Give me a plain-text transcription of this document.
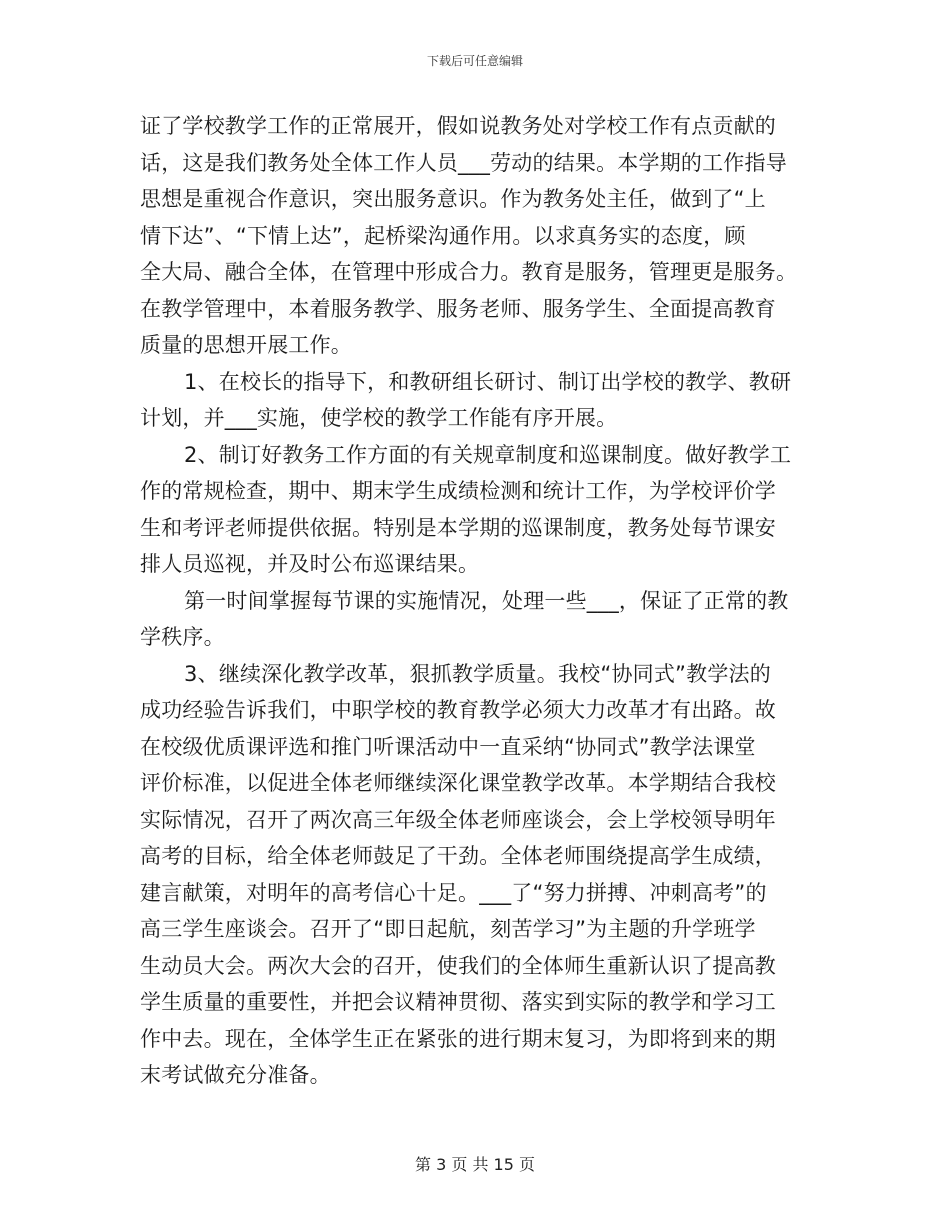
下载后可任意编辑
证了学校教学工作的正常展开，假如说教务处对学校工作有点贡献的
话，这是我们教务处全体工作人员___劳动的结果。本学期的工作指导
思想是重视合作意识，突出服务意识。作为教务处主任，做到了“上
情下达”、“下情上达”，起桥梁沟通作用。以求真务实的态度，顾
全大局、融合全体，在管理中形成合力。教育是服务，管理更是服务。
在教学管理中，本着服务教学、服务老师、服务学生、全面提高教育
质量的思想开展工作。
1、在校长的指导下，和教研组长研讨、制订出学校的教学、教研
计划，并___实施，使学校的教学工作能有序开展。
2、制订好教务工作方面的有关规章制度和巡课制度。做好教学工
作的常规检查，期中、期末学生成绩检测和统计工作，为学校评价学
生和考评老师提供依据。特别是本学期的巡课制度，教务处每节课安
排人员巡视，并及时公布巡课结果。
第一时间掌握每节课的实施情况，处理一些___，保证了正常的教
学秩序。
3、继续深化教学改革，狠抓教学质量。我校“协同式”教学法的
成功经验告诉我们，中职学校的教育教学必须大力改革才有出路。故
在校级优质课评选和推门听课活动中一直采纳“协同式”教学法课堂
评价标准，以促进全体老师继续深化课堂教学改革。本学期结合我校
实际情况，召开了两次高三年级全体老师座谈会，会上学校领导明年
高考的目标，给全体老师鼓足了干劲。全体老师围绕提高学生成绩，
建言献策，对明年的高考信心十足。___了“努力拼搏、冲刺高考”的
高三学生座谈会。召开了“即日起航，刻苦学习”为主题的升学班学
生动员大会。两次大会的召开，使我们的全体师生重新认识了提高教
学生质量的重要性，并把会议精神贯彻、落实到实际的教学和学习工
作中去。现在，全体学生正在紧张的进行期末复习，为即将到来的期
末考试做充分准备。
第 3 页 共 15 页
